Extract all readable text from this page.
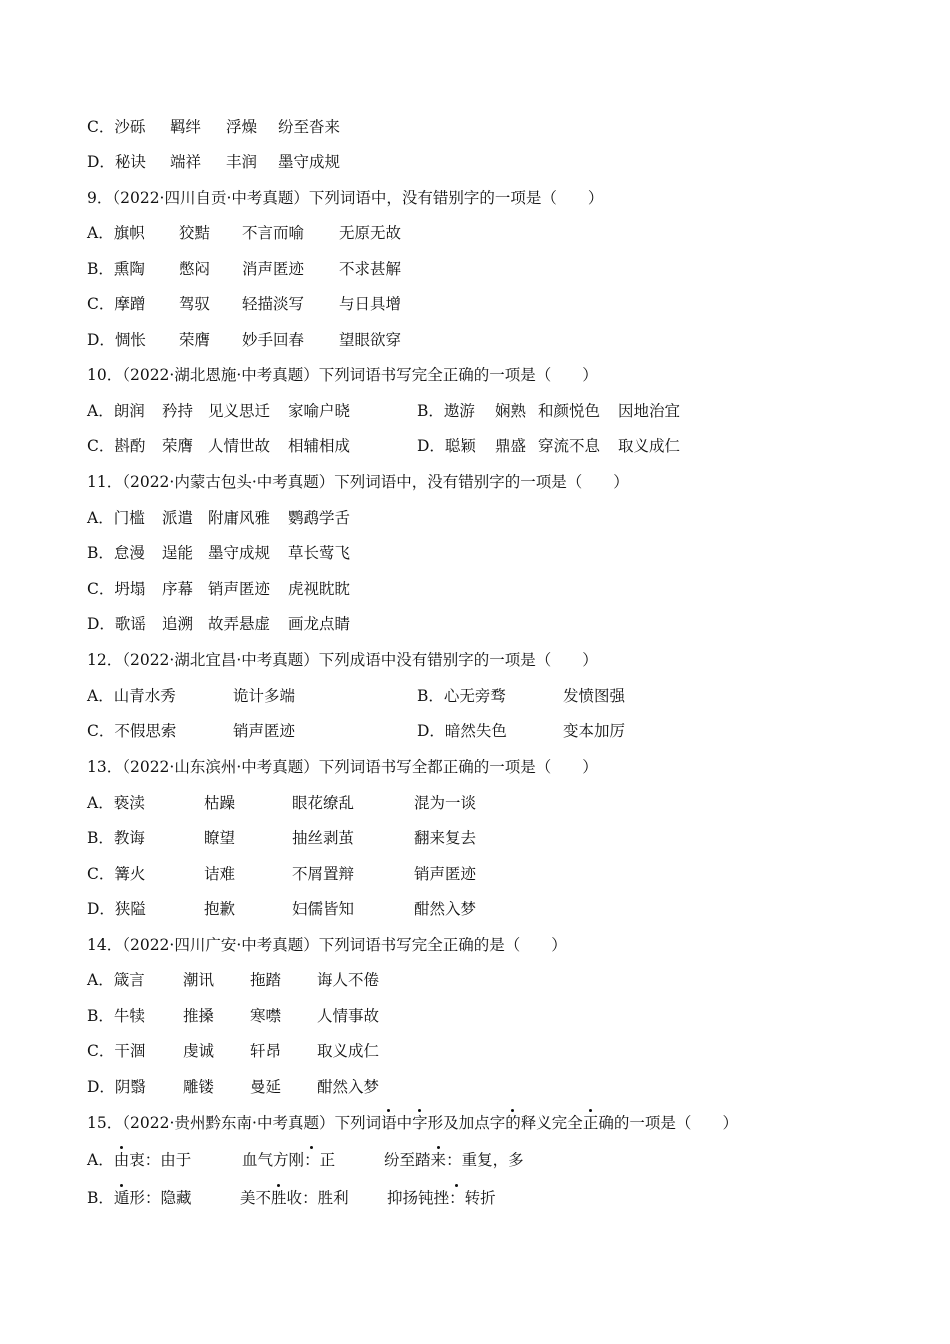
C．沙砾 羁绊 浮燥 纷至沓来
D．秘诀 端祥 丰润 墨守成规
9．（2022·四川自贡·中考真题）下列词语中，没有错别字的一项是（　　）
A．旗帜 狡黠 不言而喻 无原无故
B．熏陶 憋闷 消声匿迹 不求甚解
C．摩蹭 驾驭 轻描淡写 与日具增
D．惆怅 荣膺 妙手回春 望眼欲穿
10．（2022·湖北恩施·中考真题）下列词语书写完全正确的一项是（　　）
A．朗润 矜持 见义思迁 家喻户晓	B．遨游 娴熟 和颜悦色 因地治宜
C．斟酌 荣膺 人情世故 相辅相成	D．聪颖 鼎盛 穿流不息 取义成仁
11．（2022·内蒙古包头·中考真题）下列词语中，没有错别字的一项是（　　）
A．门槛 派遣 附庸风雅 鹦鹉学舌
B．怠漫 逞能 墨守成规 草长莺飞
C．坍塌 序幕 销声匿迹 虎视眈眈
D．歌谣 追溯 故弄悬虚 画龙点睛
12．（2022·湖北宜昌·中考真题）下列成语中没有错别字的一项是（　　）
A．山青水秀	诡计多端	B．心无旁骛	发愤图强
C．不假思索	销声匿迹	D．暗然失色	变本加厉
13．（2022·山东滨州·中考真题）下列词语书写全都正确的一项是（　　）
A．亵渎	枯躁	眼花缭乱	混为一谈
B．教诲	瞭望	抽丝剥茧	翻来复去
C．篝火	诘难	不屑置辩	销声匿迹
D．狭隘	抱歉	妇儒皆知	酣然入梦
14．（2022·四川广安·中考真题）下列词语书写完全正确的是（　　）
A．箴言 潮讯 拖踏 诲人不倦
B．牛犊 推搡 寒噤 人情事故
C．干涸 虔诚 轩昂 取义成仁
D．阴翳 雕镂 曼延 酣然入梦
15．（2022·贵州黔东南·中考真题）下列词语中字形及加点字的释义完全正确的一项是（　　 ）
A．由衷：由于	血气方刚：正	纷至踏来：重复，多
B．遁形：隐藏	美不胜收：胜利 抑扬钝挫：转折
